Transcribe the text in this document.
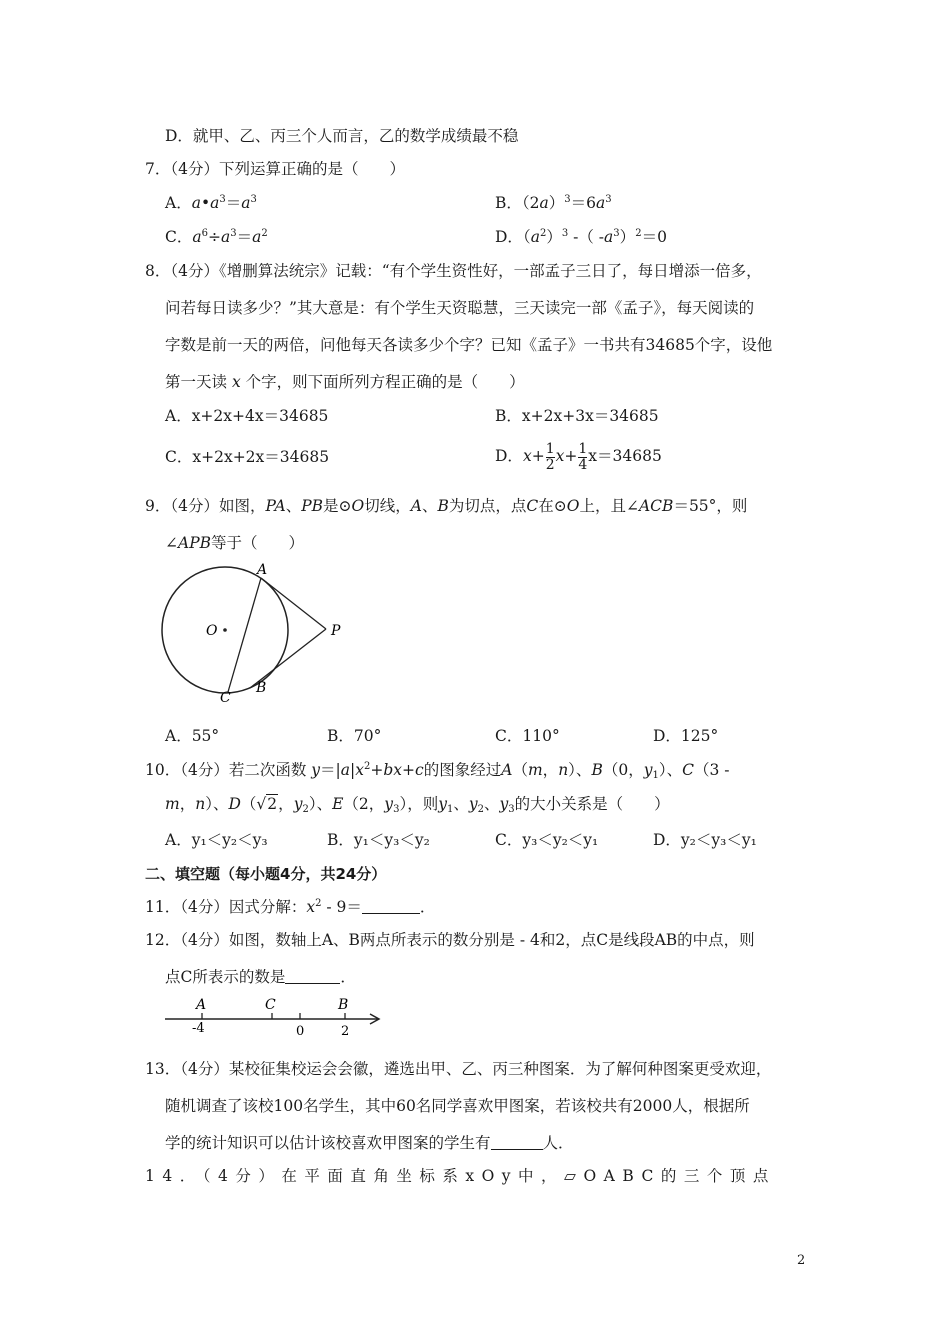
D．就甲、乙、丙三个人而言，乙的数学成绩最不稳
7．（4分）下列运算正确的是（　　）
A．$a•a^3=a^3$	B．$(2a)^3=6a^3$
C．$a^6\div a^3=a^2$	D．$(a^2)^3$ -（ $-a^3)^2=0$
8．（4分）《增删算法统宗》记载：“有个学生资性好，一部孟子三日了，每日增添一倍多，
问若每日读多少？”其大意是：有个学生天资聪慧，三天读完一部《孟子》，每天阅读的
字数是前一天的两倍，问他每天各读多少个字？已知《孟子》一书共有34685个字，设他
第一天读 x 个字，则下面所列方程正确的是（　　）
A．x+2x+4x＝34685	B．x+2x+3x＝34685
C．x+2x+2x＝34685	D．$x+ \frac{1}{2} x+ \frac{1}{4} x=34685$
9．（4分）如图，PA、PB是⊙O切线，A、B为切点，点C在⊙O上，且∠ACB＝55°，则
∠APB等于（　　）
A
O	P
C
B
A．55°	B．70°	C．110°	D．125°
10．（4分）若二次函数 $y=|a|x^2+bx+c$的图象经过A（m，n）、B（0，$y_1$）、C（3 -
m，n）、D（√2，$y_2$）、E（2，$y_3$），则$y_1$、$y_2$、$y_3$的大小关系是（　　）
A．y₁＜y₂＜y₃	B．y₁＜y₃＜y₂	C．y₃＜y₂＜y₁	D．y₂＜y₃＜y₁
二、填空题（每小题4分，共24分）
11．（4分）因式分解：$x^2 - 9=$	．
12．（4分）如图，数轴上A、B两点所表示的数分别是 - 4和2，点C是线段AB的中点，则
点C所表示的数是	．
A	C	B
-4	0	2
13．（4分）某校征集校运会会徽，遴选出甲、乙、丙三种图案．为了解何种图案更受欢迎，
随机调查了该校100名学生，其中60名同学喜欢甲图案，若该校共有2000人，根据所
学的统计知识可以估计该校喜欢甲图案的学生有	人．
14．（4分）在平面直角坐标系xOy中，▱OABC的三个顶点
2
